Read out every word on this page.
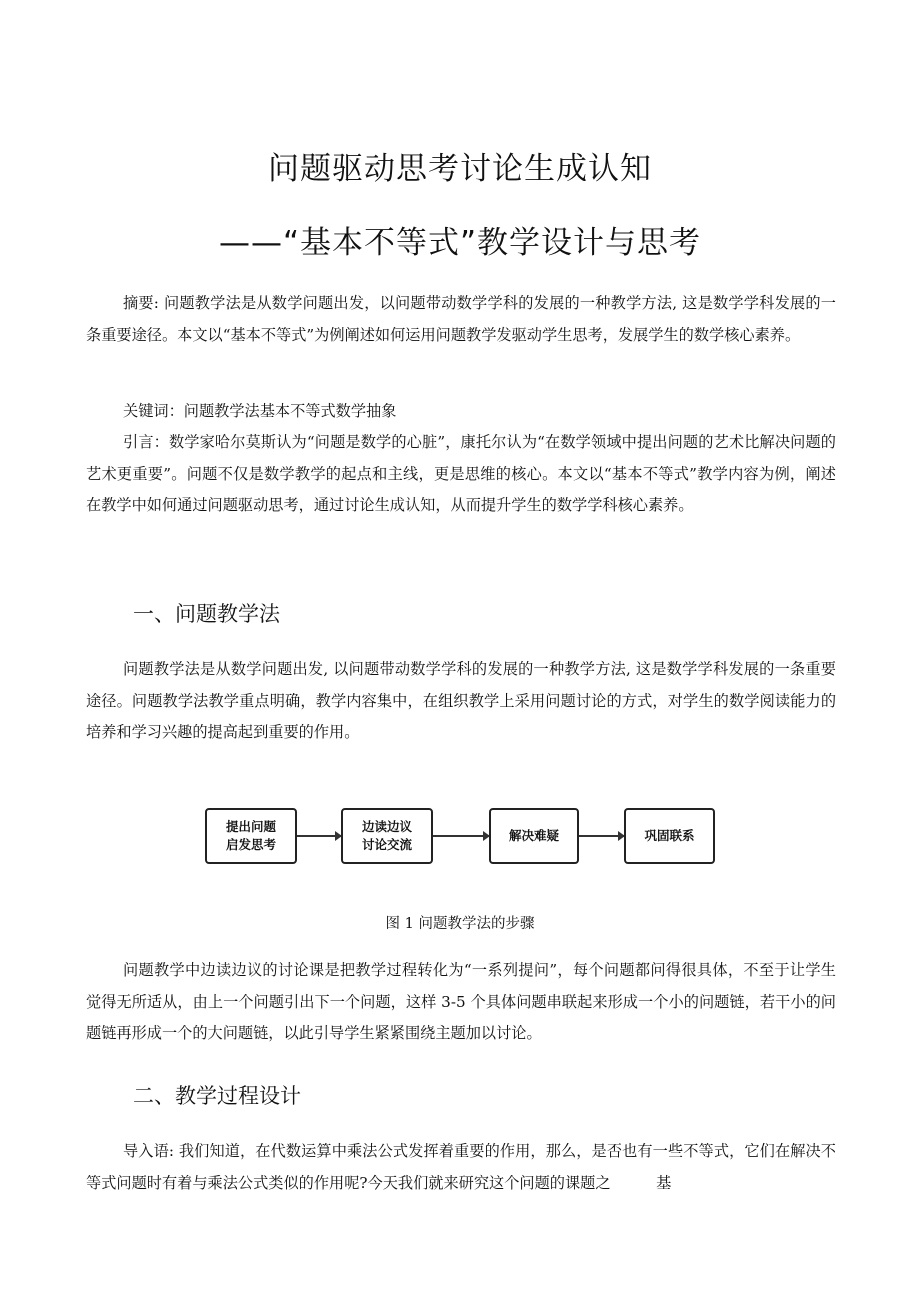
问题驱动思考讨论生成认知
——“基本不等式”教学设计与思考

摘要: 问题教学法是从数学问题出发，以问题带动数学学科的发展的一种教学方法, 这是数学学科发展的一条重要途径。本文以“基本不等式”为例阐述如何运用问题教学发驱动学生思考，发展学生的数学核心素养。

关键词：问题教学法基本不等式数学抽象

引言：数学家哈尔莫斯认为“问题是数学的心脏”，康托尔认为“在数学领域中提出问题的艺术比解决问题的艺术更重要”。问题不仅是数学教学的起点和主线，更是思维的核心。本文以“基本不等式”教学内容为例，阐述在教学中如何通过问题驱动思考，通过讨论生成认知，从而提升学生的数学学科核心素养。

一、问题教学法

问题教学法是从数学问题出发, 以问题带动数学学科的发展的一种教学方法, 这是数学学科发展的一条重要途径。问题教学法教学重点明确，教学内容集中，在组织教学上采用问题讨论的方式，对学生的数学阅读能力的培养和学习兴趣的提高起到重要的作用。

提出问题
启发思考
边读边议
讨论交流
解决难疑	巩固联系
图 1 问题教学法的步骤

问题教学中边读边议的讨论课是把教学过程转化为“一系列提问”，每个问题都问得很具体，不至于让学生觉得无所适从，由上一个问题引出下一个问题，这样 3-5 个具体问题串联起来形成一个小的问题链，若干小的问题链再形成一个的大问题链，以此引导学生紧紧围绕主题加以讨论。

二、教学过程设计

导入语: 我们知道，在代数运算中乘法公式发挥着重要的作用，那么，是否也有一些不等式，它们在解决不等式问题时有着与乘法公式类似的作用呢?今天我们就来研究这个问题的课题之　　　基
